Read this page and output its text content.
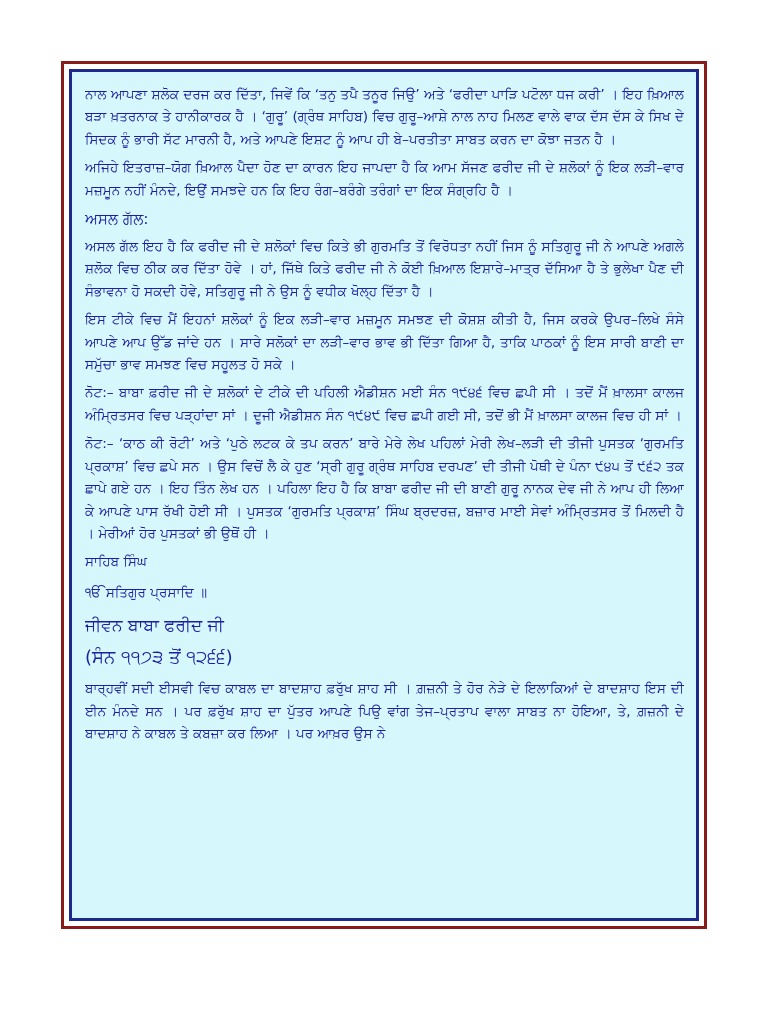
ਨਾਲ ਆਪਣਾ ਸ਼ਲੋਕ ਦਰਜ ਕਰ ਦਿੱਤਾ, ਜਿਵੇਂ ਕਿ ‘ਤਨੁ ਤਪੈ ਤਨੂਰ ਜਿਉ’ ਅਤੇ ‘ਫਰੀਦਾ ਪਾੜਿ ਪਟੋਲਾ ਧਜ ਕਰੀ’ । ਇਹ ਖ਼ਿਆਲ ਬੜਾ ਖ਼ਤਰਨਾਕ ਤੇ ਹਾਨੀਕਾਰਕ ਹੈ । ‘ਗੁਰੂ’ (ਗ੍ਰੰਥ ਸਾਹਿਬ) ਵਿਚ ਗੁਰੂ–ਆਸ਼ੇ ਨਾਲ ਨਾਹ ਮਿਲਣ ਵਾਲੇ ਵਾਕ ਦੱਸ ਦੱਸ ਕੇ ਸਿਖ ਦੇ ਸਿਦਕ ਨੂੰ ਭਾਰੀ ਸੱਟ ਮਾਰਨੀ ਹੈ, ਅਤੇ ਆਪਣੇ ਇਸ਼ਟ ਨੂੰ ਆਪ ਹੀ ਬੇ–ਪਰਤੀਤਾ ਸਾਬਤ ਕਰਨ ਦਾ ਕੋਝਾ ਜਤਨ ਹੈ ।

ਅਜਿਹੇ ਇਤਰਾਜ਼–ਯੋਗ ਖ਼ਿਆਲ ਪੈਦਾ ਹੋਣ ਦਾ ਕਾਰਨ ਇਹ ਜਾਪਦਾ ਹੈ ਕਿ ਆਮ ਸੱਜਣ ਫਰੀਦ ਜੀ ਦੇ ਸ਼ਲੋਕਾਂ ਨੂੰ ਇਕ ਲੜੀ–ਵਾਰ ਮਜ਼ਮੂਨ ਨਹੀਂ ਮੰਨਦੇ, ਇਉਂ ਸਮਝਦੇ ਹਨ ਕਿ ਇਹ ਰੰਗ–ਬਰੰਗੇ ਤਰੰਗਾਂ ਦਾ ਇਕ ਸੰਗ੍ਰਹਿ ਹੈ ।

ਅਸਲ ਗੱਲ:

ਅਸਲ ਗੱਲ ਇਹ ਹੈ ਕਿ ਫਰੀਦ ਜੀ ਦੇ ਸ਼ਲੋਕਾਂ ਵਿਚ ਕਿਤੇ ਭੀ ਗੁਰਮਤਿ ਤੋਂ ਵਿਰੋਧਤਾ ਨਹੀਂ ਜਿਸ ਨੂੰ ਸਤਿਗੁਰੂ ਜੀ ਨੇ ਆਪਣੇ ਅਗਲੇ ਸ਼ਲੋਕ ਵਿਚ ਠੀਕ ਕਰ ਦਿੱਤਾ ਹੋਵੇ । ਹਾਂ, ਜਿੱਥੇ ਕਿਤੇ ਫਰੀਦ ਜੀ ਨੇ ਕੋਈ ਖ਼ਿਆਲ ਇਸ਼ਾਰੇ–ਮਾਤ੍ਰ ਦੱਸਿਆ ਹੈ ਤੇ ਭੁਲੇਖਾ ਪੈਣ ਦੀ ਸੰਭਾਵਨਾ ਹੋ ਸਕਦੀ ਹੋਵੇ, ਸਤਿਗੁਰੂ ਜੀ ਨੇ ਉਸ ਨੂੰ ਵਧੀਕ ਖੋਲ੍ਹ ਦਿੱਤਾ ਹੈ ।

ਇਸ ਟੀਕੇ ਵਿਚ ਮੈਂ ਇਹਨਾਂ ਸ਼ਲੋਕਾਂ ਨੂੰ ਇਕ ਲੜੀ–ਵਾਰ ਮਜ਼ਮੂਨ ਸਮਝਣ ਦੀ ਕੋਸ਼ਸ਼ ਕੀਤੀ ਹੈ, ਜਿਸ ਕਰਕੇ ਉਪਰ–ਲਿਖੇ ਸੰਸੇ ਆਪਣੇ ਆਪ ਉੱਡ ਜਾਂਦੇ ਹਨ । ਸਾਰੇ ਸਲੋਕਾਂ ਦਾ ਲੜੀ–ਵਾਰ ਭਾਵ ਭੀ ਦਿੱਤਾ ਗਿਆ ਹੈ, ਤਾਕਿ ਪਾਠਕਾਂ ਨੂੰ ਇਸ ਸਾਰੀ ਬਾਣੀ ਦਾ ਸਮੁੱਚਾ ਭਾਵ ਸਮਝਣ ਵਿਚ ਸਹੂਲਤ ਹੋ ਸਕੇ ।

ਨੋਟ:– ਬਾਬਾ ਫ਼ਰੀਦ ਜੀ ਦੇ ਸ਼ਲੋਕਾਂ ਦੇ ਟੀਕੇ ਦੀ ਪਹਿਲੀ ਐਡੀਸ਼ਨ ਮਈ ਸੰਨ ੧੯੪੬ ਵਿਚ ਛਪੀ ਸੀ । ਤਦੋਂ ਮੈਂ ਖ਼ਾਲਸਾ ਕਾਲਜ ਅੰਮ੍ਰਿਤਸਰ ਵਿਚ ਪੜ੍ਹਾਂਦਾ ਸਾਂ । ਦੂਜੀ ਐਡੀਸ਼ਨ ਸੰਨ ੧੯੪੯ ਵਿਚ ਛਪੀ ਗਈ ਸੀ, ਤਦੋਂ ਭੀ ਮੈਂ ਖ਼ਾਲਸਾ ਕਾਲਜ ਵਿਚ ਹੀ ਸਾਂ ।

ਨੋਟ:– ‘ਕਾਠ ਕੀ ਰੋਟੀ’ ਅਤੇ ‘ਪੁਠੇ ਲਟਕ ਕੇ ਤਪ ਕਰਨ’ ਬਾਰੇ ਮੇਰੇ ਲੇਖ ਪਹਿਲਾਂ ਮੇਰੀ ਲੇਖ–ਲੜੀ ਦੀ ਤੀਜੀ ਪੁਸਤਕ ‘ਗੁਰਮਤਿ ਪ੍ਰਕਾਸ਼’ ਵਿਚ ਛਪੇ ਸਨ । ਉਸ ਵਿਚੋਂ ਲੈ ਕੇ ਹੁਣ ‘ਸ੍ਰੀ ਗੁਰੂ ਗ੍ਰੰਥ ਸਾਹਿਬ ਦਰਪਣ’ ਦੀ ਤੀਜੀ ਪੋਥੀ ਦੇ ਪੰਨਾ ੯੪੫ ਤੋਂ ੯੬੨ ਤਕ ਛਾਪੇ ਗਏ ਹਨ । ਇਹ ਤਿੰਨ ਲੇਖ ਹਨ । ਪਹਿਲਾ ਇਹ ਹੈ ਕਿ ਬਾਬਾ ਫਰੀਦ ਜੀ ਦੀ ਬਾਣੀ ਗੁਰੂ ਨਾਨਕ ਦੇਵ ਜੀ ਨੇ ਆਪ ਹੀ ਲਿਆ ਕੇ ਆਪਣੇ ਪਾਸ ਰੱਖੀ ਹੋਈ ਸੀ । ਪੁਸਤਕ ‘ਗੁਰਮਤਿ ਪ੍ਰਕਾਸ਼’ ਸਿੰਘ ਬ੍ਰਦਰਜ਼, ਬਜ਼ਾਰ ਮਾਈ ਸੇਵਾਂ ਅੰਮ੍ਰਿਤਸਰ ਤੋਂ ਮਿਲਦੀ ਹੈ । ਮੇਰੀਆਂ ਹੋਰ ਪੁਸਤਕਾਂ ਭੀ ਉਥੋਂ ਹੀ ।

ਸਾਹਿਬ ਸਿੰਘ

ੴ ਸਤਿਗੁਰ ਪ੍ਰਸਾਦਿ ॥

ਜੀਵਨ ਬਾਬਾ ਫਰੀਦ ਜੀ

(ਸੰਨ ੧੧੭੩ ਤੋਂ ੧੨੬੬)

ਬਾਰ੍ਹਵੀਂ ਸਦੀ ਈਸਵੀ ਵਿਚ ਕਾਬਲ ਦਾ ਬਾਦਸ਼ਾਹ ਫ਼ਰੁੱਖ ਸ਼ਾਹ ਸੀ । ਗ਼ਜ਼ਨੀ ਤੇ ਹੋਰ ਨੇੜੇ ਦੇ ਇਲਾਕਿਆਂ ਦੇ ਬਾਦਸ਼ਾਹ ਇਸ ਦੀ ਈਨ ਮੰਨਦੇ ਸਨ । ਪਰ ਫ਼ਰੁੱਖ ਸ਼ਾਹ ਦਾ ਪੁੱਤਰ ਆਪਣੇ ਪਿਉ ਵਾਂਗ ਤੇਜ–ਪ੍ਰਤਾਪ ਵਾਲਾ ਸਾਬਤ ਨਾ ਹੋਇਆ, ਤੇ, ਗ਼ਜ਼ਨੀ ਦੇ ਬਾਦਸ਼ਾਹ ਨੇ ਕਾਬਲ ਤੇ ਕਬਜ਼ਾ ਕਰ ਲਿਆ । ਪਰ ਆਖ਼ਰ ਉਸ ਨੇ
